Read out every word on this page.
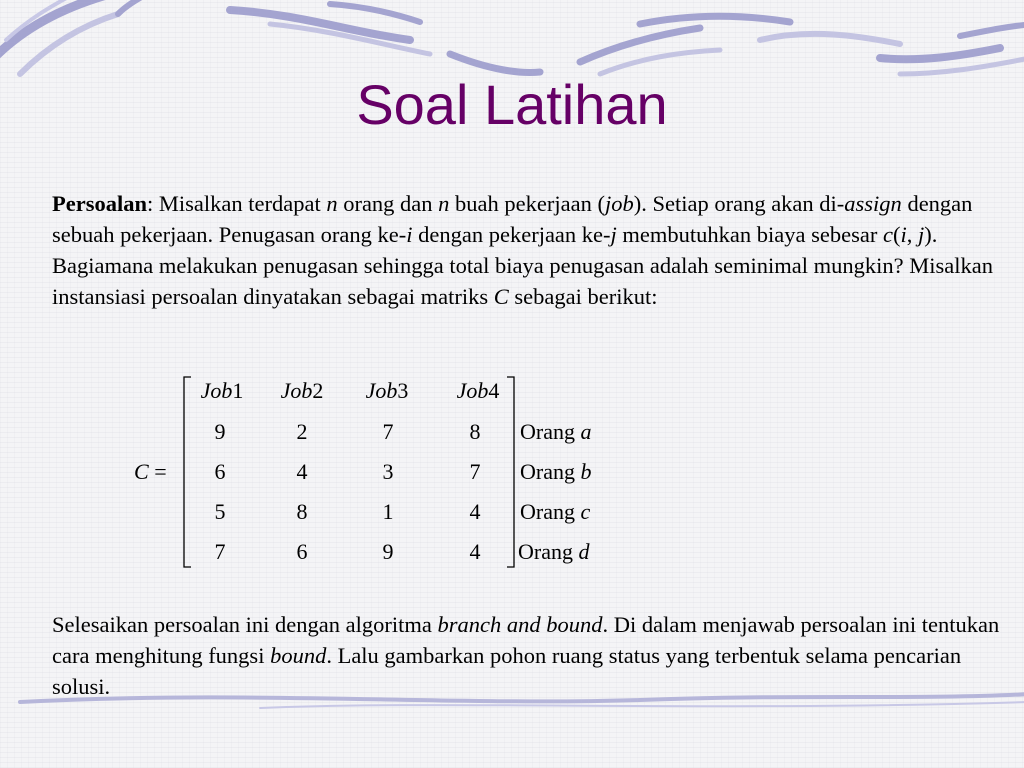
Soal Latihan

Persoalan: Misalkan terdapat n orang dan n buah pekerjaan (job). Setiap orang akan di-assign dengan sebuah pekerjaan. Penugasan orang ke-i dengan pekerjaan ke-j membutuhkan biaya sebesar c(i, j). Bagiamana melakukan penugasan sehingga total biaya penugasan adalah seminimal mungkin? Misalkan instansiasi persoalan dinyatakan sebagai matriks C sebagai berikut:

C =
Job1	Job2	Job3	Job4
9	2	7	8	Orang a
6	4	3	7	Orang b
5	8	1	4	Orang c
7	6	9	4	Orang d

Selesaikan persoalan ini dengan algoritma branch and bound. Di dalam menjawab persoalan ini tentukan cara menghitung fungsi bound. Lalu gambarkan pohon ruang status yang terbentuk selama pencarian solusi.
